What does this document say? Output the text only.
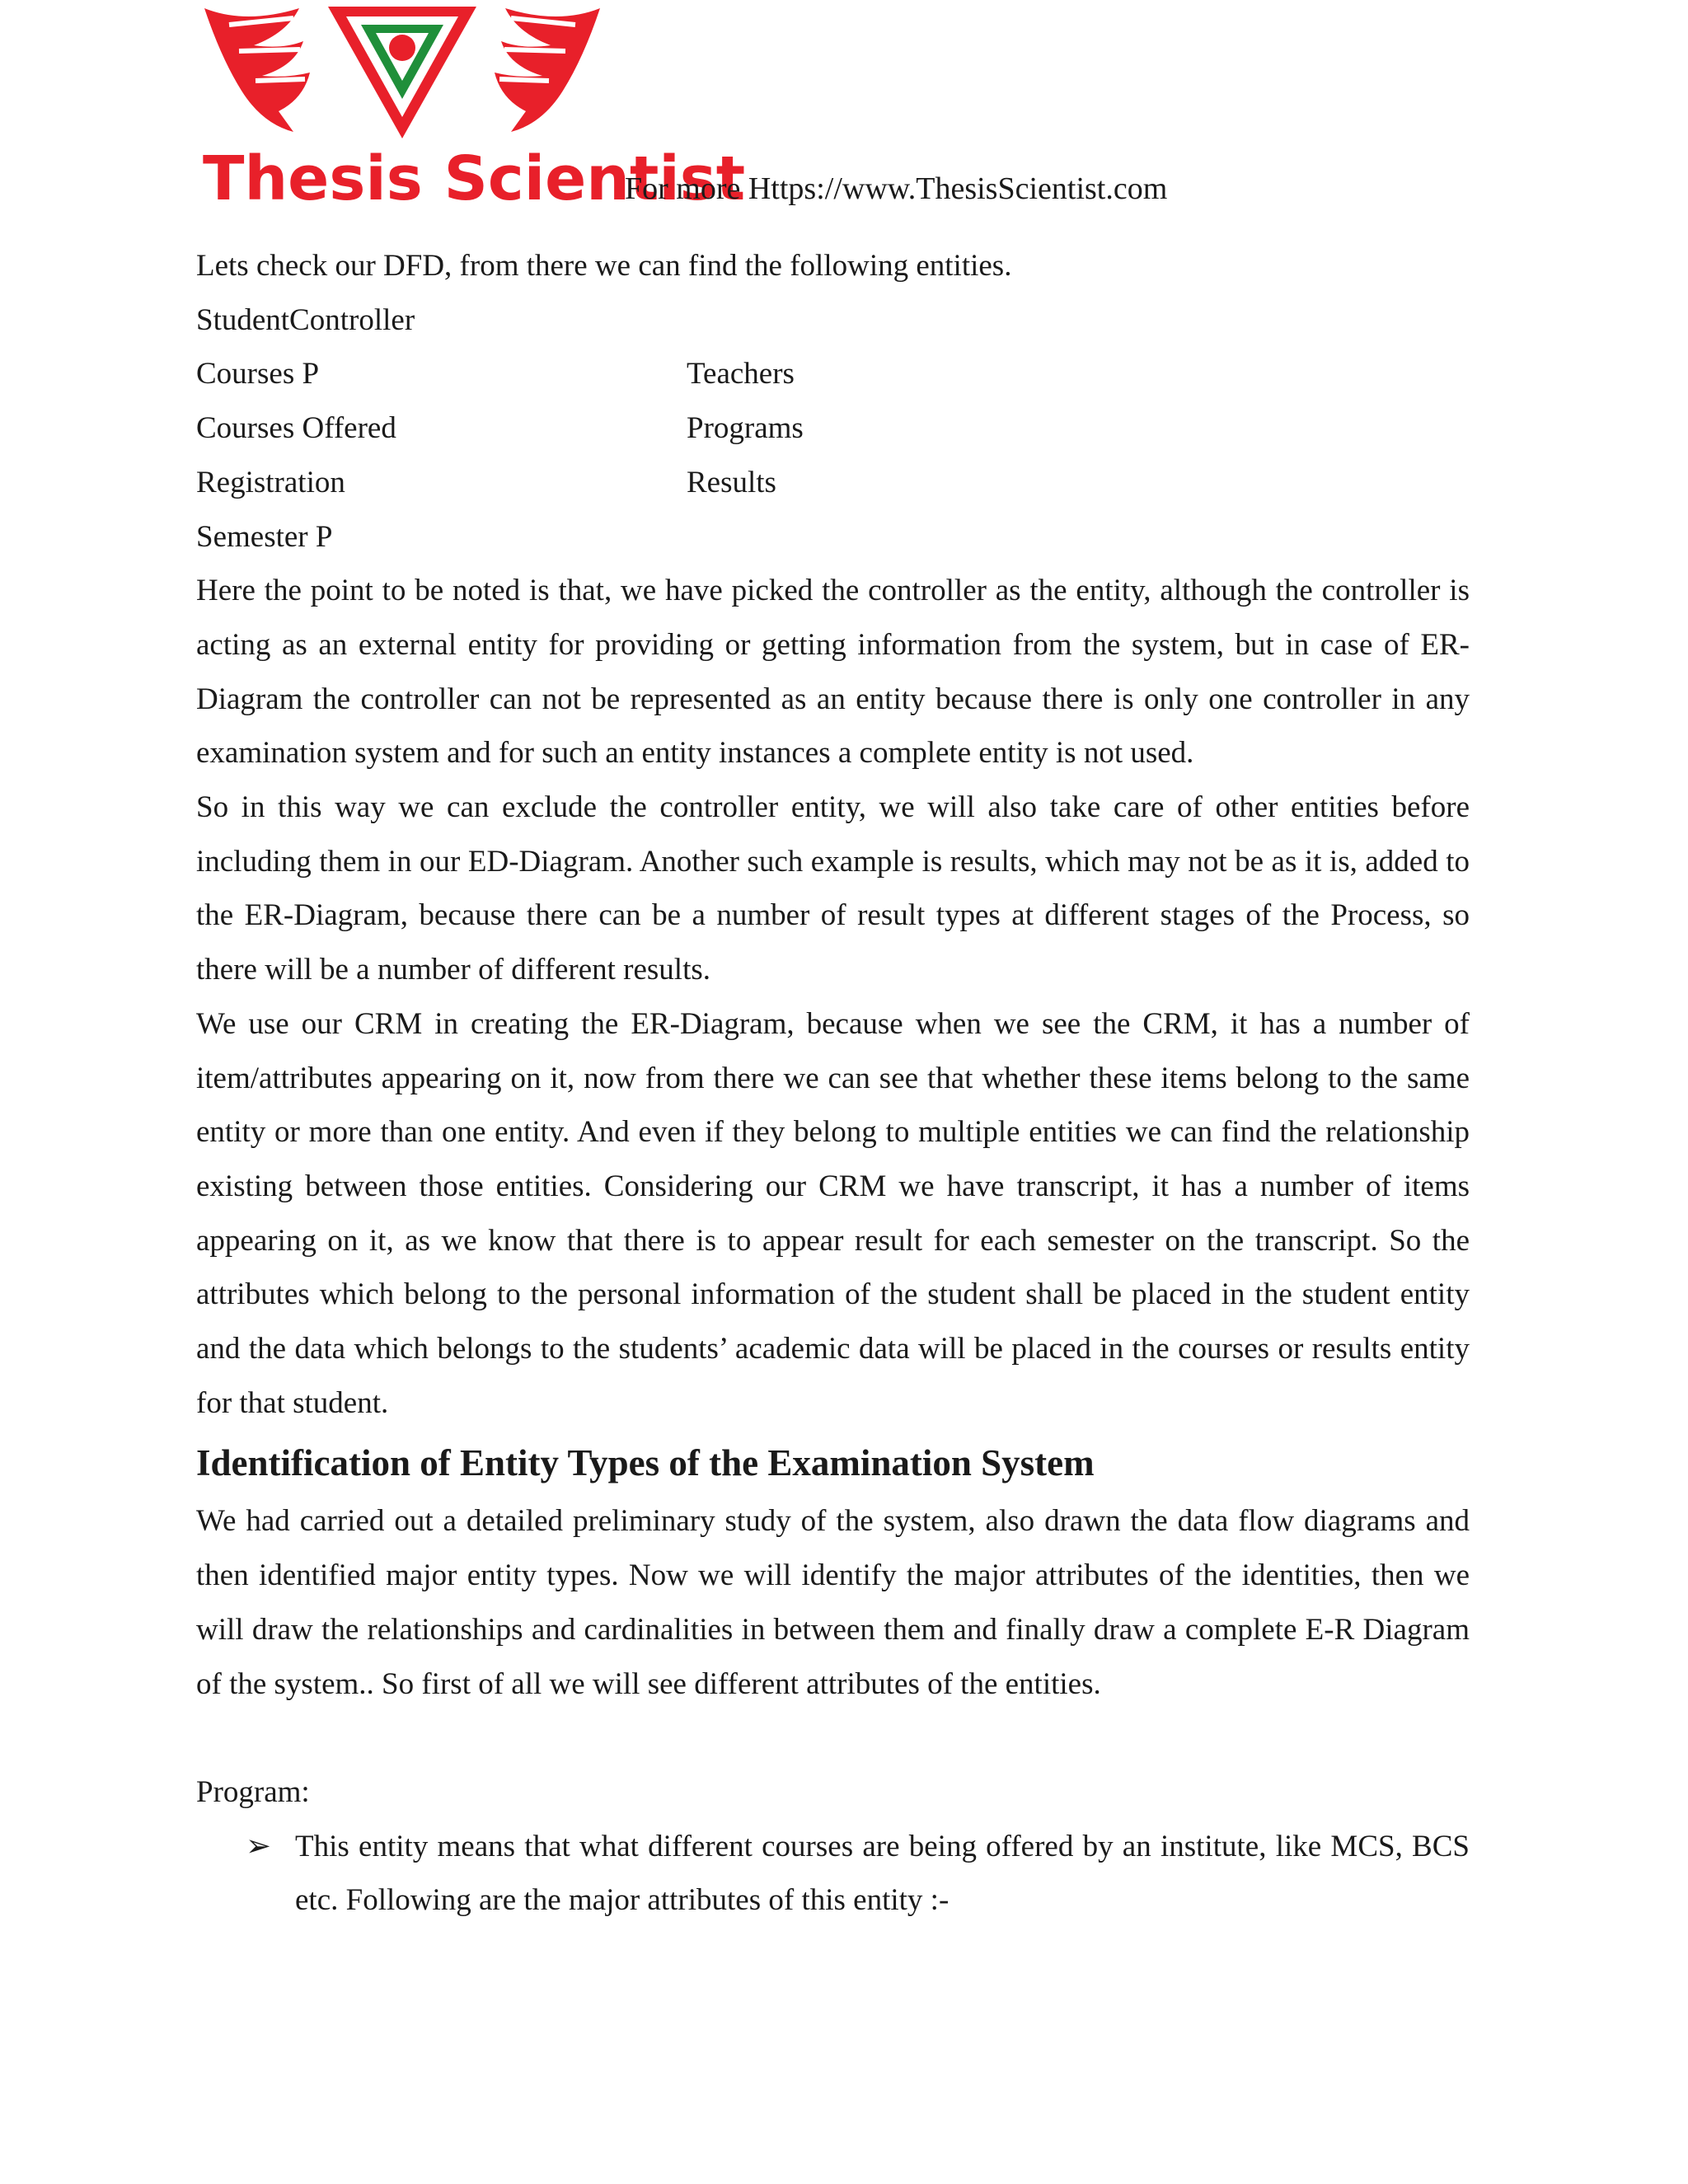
Thesis Scientist
For more Https://www.ThesisScientist.com

Lets check our DFD, from there we can find the following entities.

StudentController

Courses P	Teachers
Courses Offered	Programs
Registration	Results

Semester P

Here the point to be noted is that, we have picked the controller as the entity, although the controller is acting as an external entity for providing or getting information from the system, but in case of ER-Diagram the controller can not be represented as an entity because there is only one controller in any examination system and for such an entity instances a complete entity is not used.

So in this way we can exclude the controller entity, we will also take care of other entities before including them in our ED-Diagram. Another such example is results, which may not be as it is, added to the ER-Diagram, because there can be a number of result types at different stages of the Process, so there will be a number of different results.

We use our CRM in creating the ER-Diagram, because when we see the CRM, it has a number of item/attributes appearing on it, now from there we can see that whether these items belong to the same entity or more than one entity. And even if they belong to multiple entities we can find the relationship existing between those entities. Considering our CRM we have transcript, it has a number of items appearing on it, as we know that there is to appear result for each semester on the transcript. So the attributes which belong to the personal information of the student shall be placed in the student entity and the data which belongs to the students’ academic data will be placed in the courses or results entity for that student.

Identification of Entity Types of the Examination System

We had carried out a detailed preliminary study of the system, also drawn the data flow diagrams and then identified major entity types. Now we will identify the major attributes of the identities, then we will draw the relationships and cardinalities in between them and finally draw a complete E-R Diagram of the system.. So first of all we will see different attributes of the entities.

Program:

➢ This entity means that what different courses are being offered by an institute, like MCS, BCS etc. Following are the major attributes of this entity :-
